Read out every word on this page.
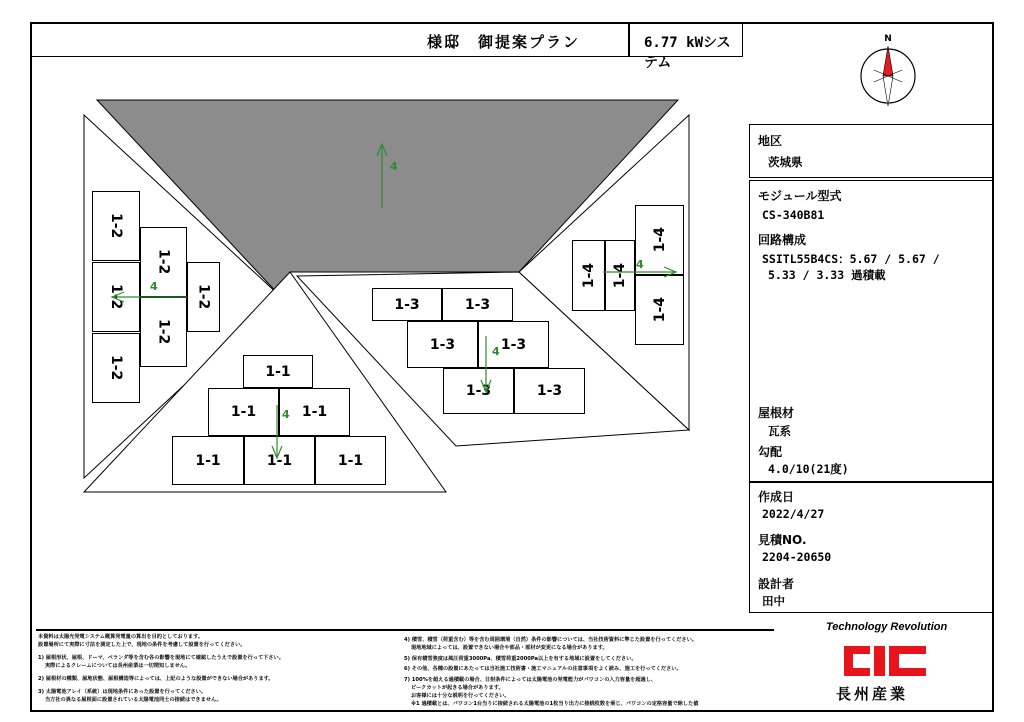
様邸　御提案プラン	6.77 kWシステム
N
1-2
1-2
1-2
1-2
1-2
1-2
1-1
1-1	1-1
1-1	1-1	1-1
1-3	1-3
1-3	1-3
1-3	1-3
1-4 1-4
1-4
1-4
4
4
4
4
4
地区
茨城県
モジュール型式
CS-340B81
回路構成
SSITL55B4CS：5.67 / 5.67 /
5.33 / 3.33 過積載
屋根材
瓦系
勾配
4.0/10(21度)
作成日
2022/4/27
見積NO.
2204-20650
設計者
田中
本資料は太陽光発電システム概算発電量の算出を目的としております。
設置場所にて実際に寸法を測定した上で、現地の条件を考慮して設置を行ってください。
1) 屋根形状、屋根、ドーマ、ベランダ等を含む各の影響を現地にて確認したうえで設置を行って下さい。
　 実際によるクレームについては長州産業は一切関知しません。
2) 屋根材の種類、屋地状態、屋根構造等によっては、上記のような設置ができない場合があります。
3) 太陽電池アレイ（系統）は現地条件にあった設置を行ってください。
　 当方社の異なる屋根面に設置されている太陽電池同士の接続はできません。
4) 積雪、積雪（荷重含む）等を含む周囲環境（自然）条件の影響については、当社技術資料に準じた設置を行ってください。
　 現地地域によっては、設置できない場合や部品・部材が変更になる場合があります。
5) 保有積雪強度は風圧荷重3000Pa、積雪荷重2000Pa以上を有する地域に設置をしてください。
6) その他、各種の設置にあたっては当社施工技術書・施工マニュアルの注意事項をよく読み、施工を行ってください。
7) 100%を超える過積載の場合、日射条件によっては太陽電池の発電能力がパワコンの入力容量を超過し、
　 ピークカットが起きる場合があります。
　 お客様には十分な説明を行ってください。
　 ※1 過積載とは、パワコン1台当りに接続される太陽電池の1枚当り出力に接続枚数を乗じ、パワコンの定格容量で除した値
Technology Revolution
長州産業
